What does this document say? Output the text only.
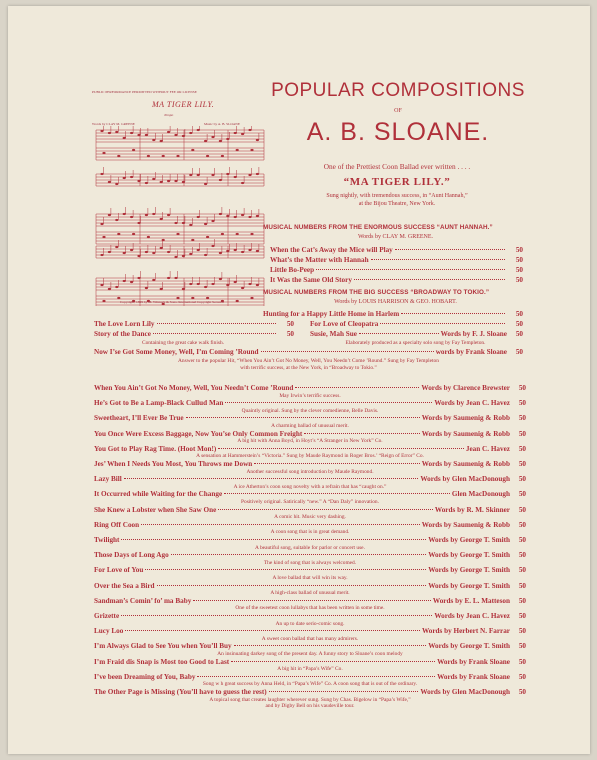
PUBLIC PERFORMANCE PERMITTED WITHOUT FEE OR LICENSE
MA TIGER LILY.
Tempo
Words by CLAY M. GREENE	Music by A. B. SLOANE
Copyright, 1899 by M. Witmark & Sons. International Copyright Secured.
POPULAR COMPOSITIONS
OF
A. B. SLOANE.
One of the Prettiest Coon Ballad ever written . . . .
“MA TIGER LILY.”
Sung nightly, with tremendous success, in “Aunt Hannah,”
at the Bijou Theatre, New York.
MUSICAL NUMBERS FROM THE ENORMOUS SUCCESS “AUNT HANNAH.”
Words by CLAY M. GREENE.
When the Cat’s Away the Mice will Play	50
What’s the Matter with Hannah	50
Little Bo-Peep	50
It Was the Same Old Story	50
MUSICAL NUMBERS FROM THE BIG SUCCESS “BROADWAY TO TOKIO.”
Words by LOUIS HARRISON & GEO. HOBART.
Hunting for a Happy Little Home in Harlem	50
The Love Lorn Lily	50 For Love of Cleopatra	50
Story of the Dance	50 Susie, Mah Sue	Words by F. J. Sloane	50
Containing the great cake walk finish.	Elaborately produced as a specialty solo song by Fay Templeton.
Now I’se Got Some Money, Well, I’m Coming ’Round	words by Frank Sloane	50
Answer to the popular Hit, “When You Ain’t Got No Money, Well, You Needn’t Come ’Round.” Sung by Fay Templeton
with terrific success, at the New York, in “Broadway to Tokio.”
When You Ain’t Got No Money, Well, You Needn’t Come ’Round	Words by Clarence Brewster	50
May Irwin’s terrific success.
He’s Got to Be a Lamp-Black Cullud Man	Words by Jean C. Havez	50
Quaintly original. Sung by the clever comedienne, Belle Davis.
Sweetheart, I’ll Ever Be True	Words by Saumenig & Robb	50
A charming ballad of unusual merit.
You Once Were Excess Baggage, Now You’se Only Common Freight	Words by Saumenig & Robb	50
A big hit with Anna Boyd, in Hoyt’s “A Stranger in New York” Co.
You Got to Play Rag Time. (Hoot Mon!)	Jean C. Havez	50
A sensation at Hammerstein’s “Victoria.” Sung by Maude Raymond in Roger Bros.’ “Reign of Error” Co.
Jes’ When I Needs You Most, You Throws me Down	Words by Saumenig & Robb	50
Another successful song introduction by Maude Raymond.
Lazy Bill	Words by Glen MacDonough	50
A ice Atherton’s coon song novelty with a refrain that has “caught on.”
It Occurred while Waiting for the Change	Glen MacDonough	50
Positively original. Satirically “new.” A “Dan Daly” innovation.
She Knew a Lobster when She Saw One	Words by R. M. Skinner	50
A comic hit. Music very dashing.
Ring Off Coon	Words by Saumenig & Robb	50
A coon song that is in great demand.
Twilight	Words by George T. Smith	50
A beautiful song, suitable for parlor or concert use.
Those Days of Long Ago	Words by George T. Smith	50
The kind of song that is always welcomed.
For Love of You	Words by George T. Smith	50
A love ballad that will win its way.
Over the Sea a Bird	Words by George T. Smith	50
A high-class ballad of unusual merit.
Sandman’s Comin’ fo’ ma Baby	Words by E. L. Matteson	50
One of the sweetest coon lullabys that has been written in some time.
Grizette	Words by Jean C. Havez	50
An up to date serio-comic song.
Lucy Loo	Words by Herbert N. Farrar	50
A sweet coon ballad that has many admirers.
I’m Always Glad to See You when You’ll Buy	Words by George T. Smith	50
An insinuating darkey song of the present day. A funny story to Sloane’s coon melody
I’m Fraid dis Snap is Most too Good to Last	Words by Frank Sloane	50
A big hit in “Papa’s Wife” Co.
I’ve been Dreaming of You, Baby	Words by Frank Sloane	50
Song w h great success by Anna Held, in “Papa’s Wife” Co. A coon song that is out of the ordinary.
The Other Page is Missing (You’ll have to guess the rest)	Words by Glen MacDonough	50
A topical song that creates laughter wherever sung. Sung by Chas. Bigelow in “Papa’s Wife,”
and by Digby Bell on his vaudeville tour.
